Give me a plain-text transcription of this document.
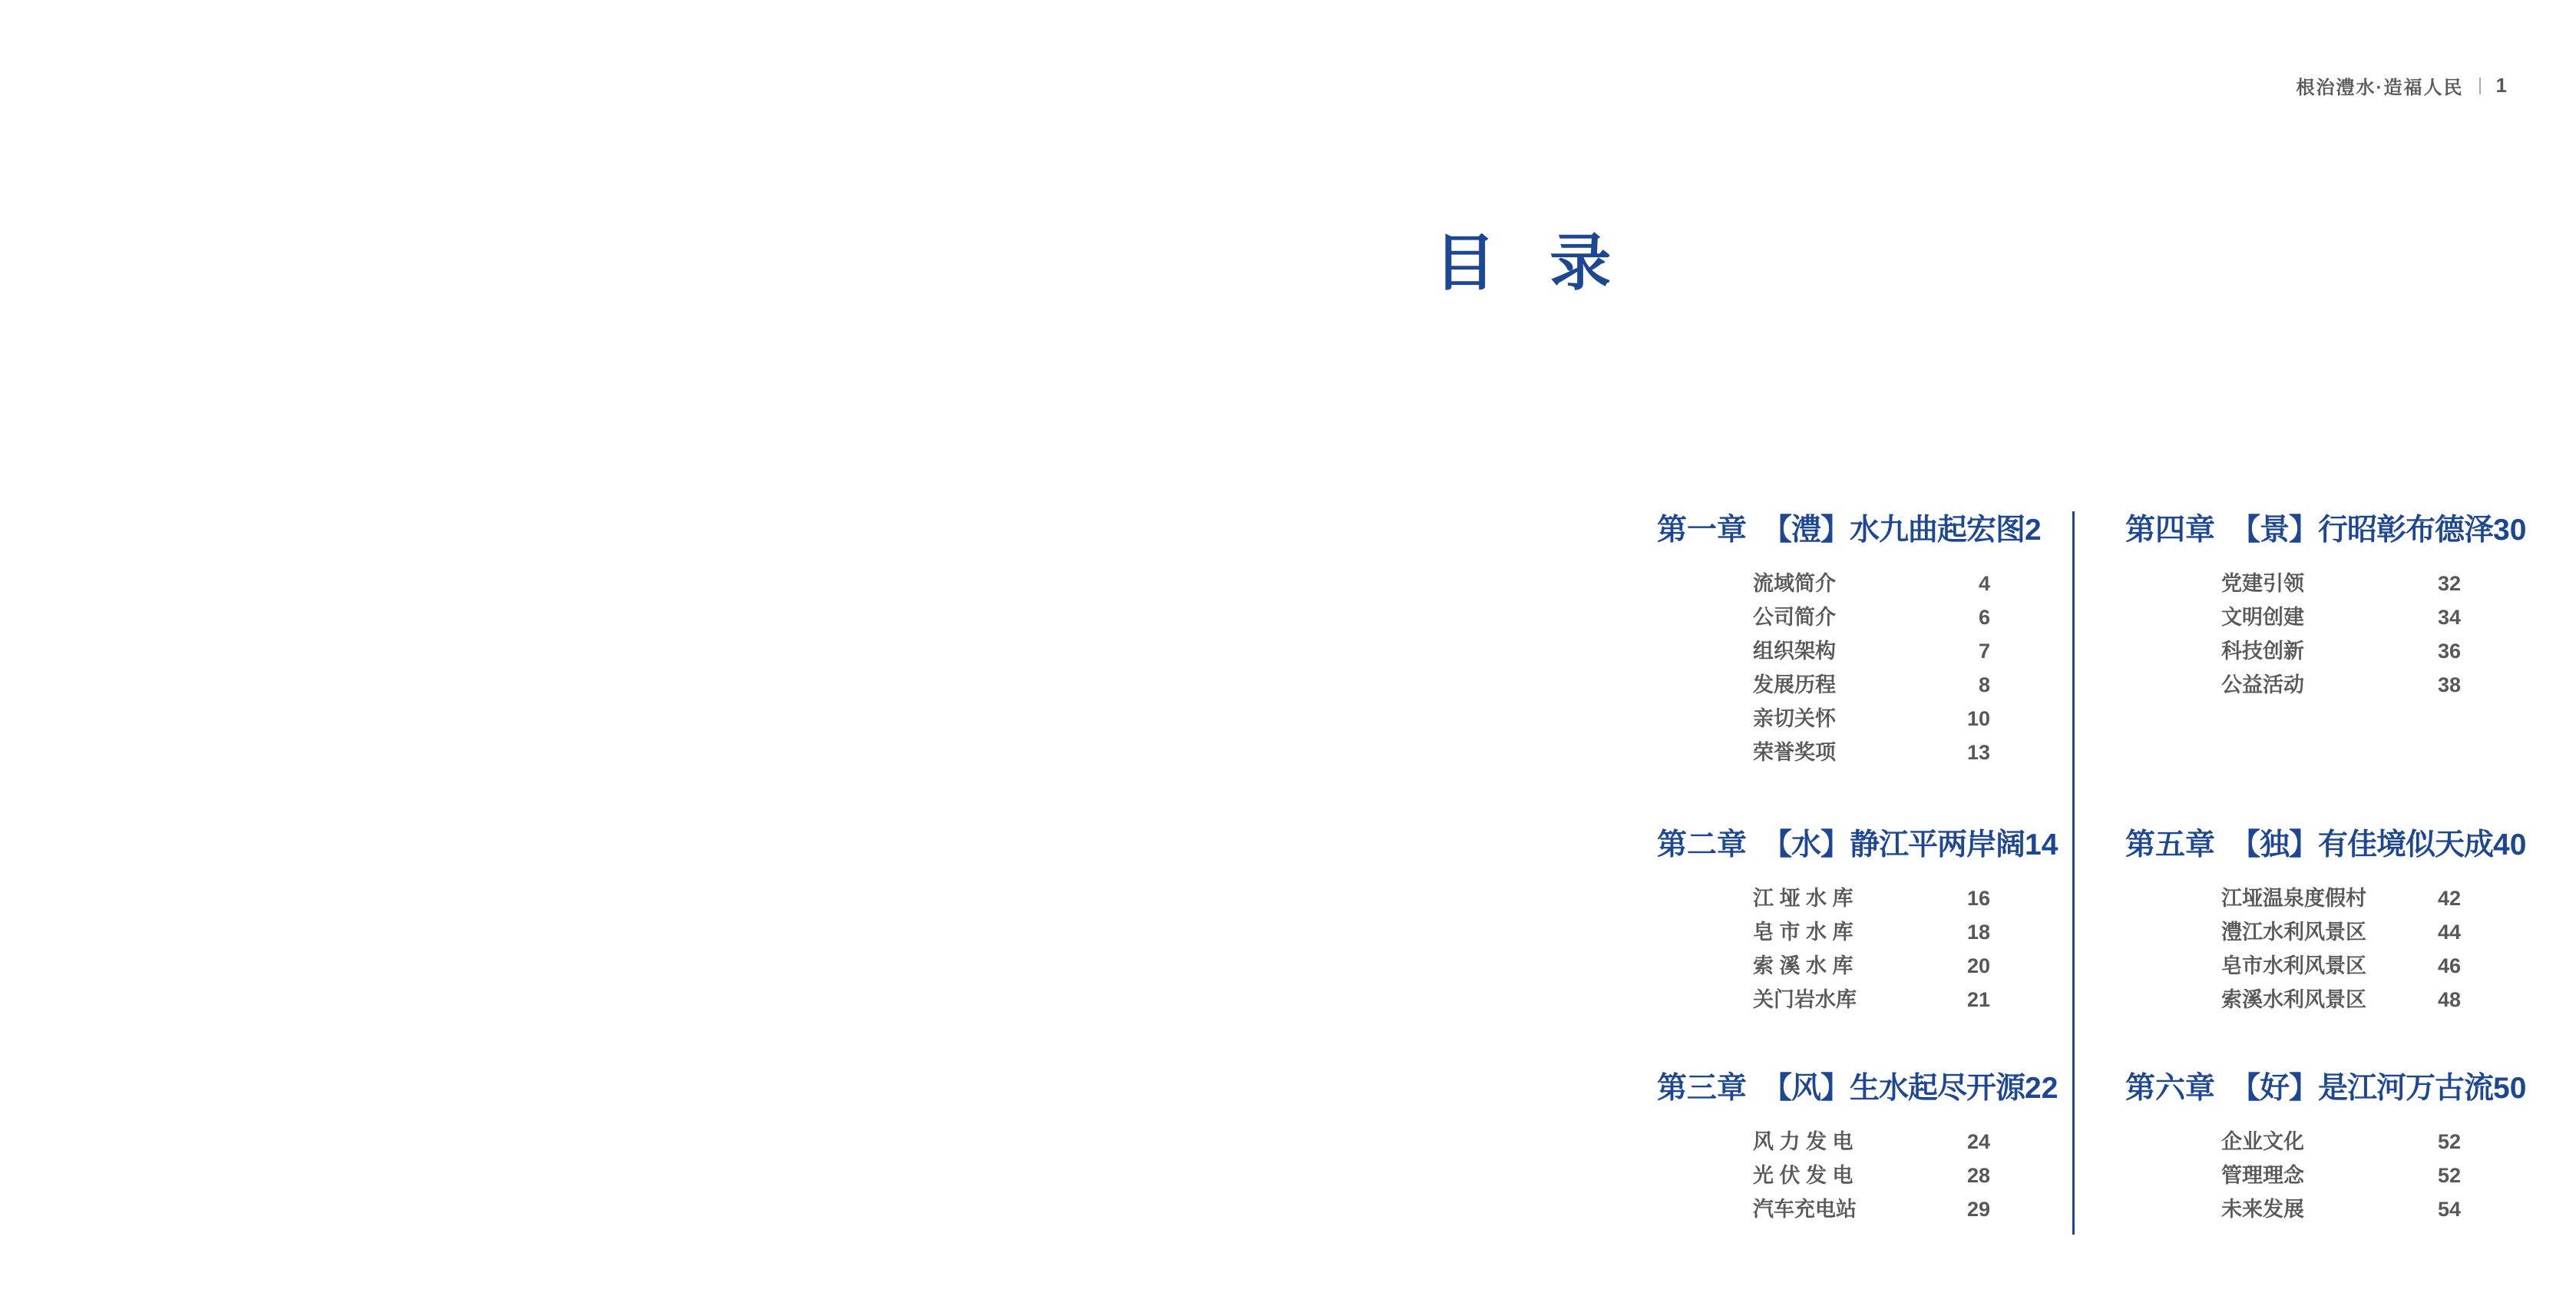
根治澧水·造福人民 1
目 录
第一章 【澧】水九曲起宏图 2
流域简介	4
公司简介	6
组织架构	7
发展历程	8
亲切关怀	10
荣誉奖项	13
第二章 【水】静江平两岸阔 14
江 垭 水 库	16
皂 市 水 库	18
索 溪 水 库	20
关门岩水库	21
第三章 【风】生水起尽开源 22
风 力 发 电	24
光 伏 发 电	28
汽车充电站	29
第四章 【景】行昭彰布德泽 30
党建引领	32
文明创建	34
科技创新	36
公益活动	38
第五章 【独】有佳境似天成 40
江垭温泉度假村	42
澧江水利风景区	44
皂市水利风景区	46
索溪水利风景区	48
第六章 【好】是江河万古流 50
企业文化	52
管理理念	52
未来发展	54
